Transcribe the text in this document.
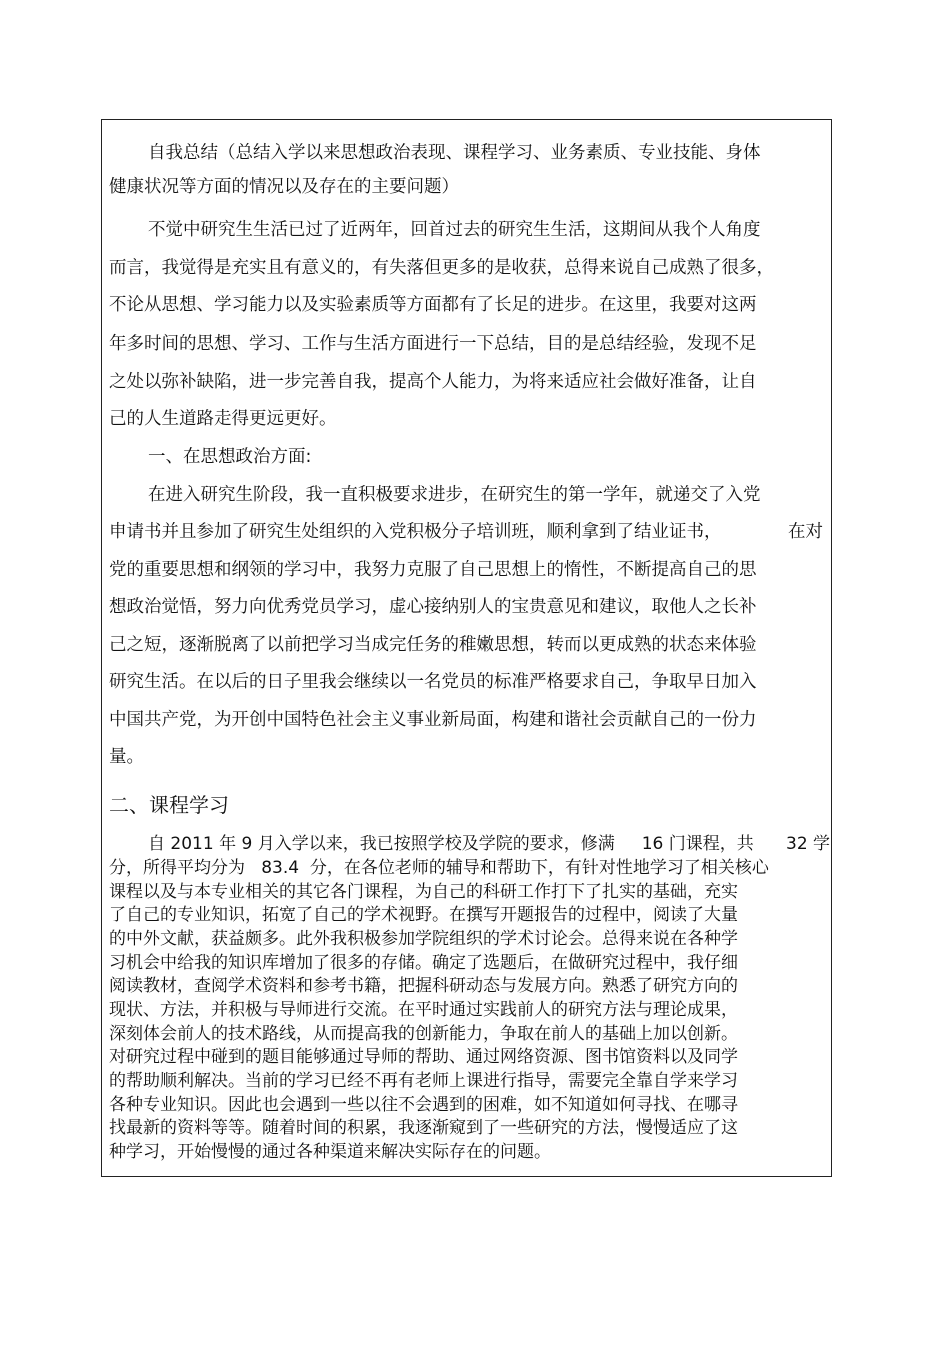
自我总结（总结入学以来思想政治表现、课程学习、业务素质、专业技能、身体
健康状况等方面的情况以及存在的主要问题）
不觉中研究生生活已过了近两年，回首过去的研究生生活，这期间从我个人角度
而言，我觉得是充实且有意义的，有失落但更多的是收获，总得来说自己成熟了很多，
不论从思想、学习能力以及实验素质等方面都有了长足的进步。在这里，我要对这两
年多时间的思想、学习、工作与生活方面进行一下总结，目的是总结经验，发现不足
之处以弥补缺陷，进一步完善自我，提高个人能力，为将来适应社会做好准备，让自
己的人生道路走得更远更好。
一、在思想政治方面:
在进入研究生阶段，我一直积极要求进步，在研究生的第一学年，就递交了入党
申请书并且参加了研究生处组织的入党积极分子培训班，顺利拿到了结业证书，	在对
党的重要思想和纲领的学习中，我努力克服了自己思想上的惰性，不断提高自己的思
想政治觉悟，努力向优秀党员学习，虚心接纳别人的宝贵意见和建议，取他人之长补
己之短，逐渐脱离了以前把学习当成完任务的稚嫩思想，转而以更成熟的状态来体验
研究生活。在以后的日子里我会继续以一名党员的标准严格要求自己，争取早日加入
中国共产党，为开创中国特色社会主义事业新局面，构建和谐社会贡献自己的一份力
量。
二、课程学习
自 2011 年 9 月入学以来，我已按照学校及学院的要求，修满     16 门课程，共 32 学
分，所得平均分为   83.4  分，在各位老师的辅导和帮助下，有针对性地学习了相关核心
课程以及与本专业相关的其它各门课程，为自己的科研工作打下了扎实的基础，充实
了自己的专业知识，拓宽了自己的学术视野。在撰写开题报告的过程中，阅读了大量
的中外文献，获益颇多。此外我积极参加学院组织的学术讨论会。总得来说在各种学
习机会中给我的知识库增加了很多的存储。确定了选题后，在做研究过程中，我仔细
阅读教材，查阅学术资料和参考书籍，把握科研动态与发展方向。熟悉了研究方向的
现状、方法，并积极与导师进行交流。在平时通过实践前人的研究方法与理论成果，
深刻体会前人的技术路线，从而提高我的创新能力，争取在前人的基础上加以创新。
对研究过程中碰到的题目能够通过导师的帮助、通过网络资源、图书馆资料以及同学
的帮助顺利解决。当前的学习已经不再有老师上课进行指导，需要完全靠自学来学习
各种专业知识。因此也会遇到一些以往不会遇到的困难，如不知道如何寻找、在哪寻
找最新的资料等等。随着时间的积累，我逐渐窥到了一些研究的方法，慢慢适应了这
种学习，开始慢慢的通过各种渠道来解决实际存在的问题。
